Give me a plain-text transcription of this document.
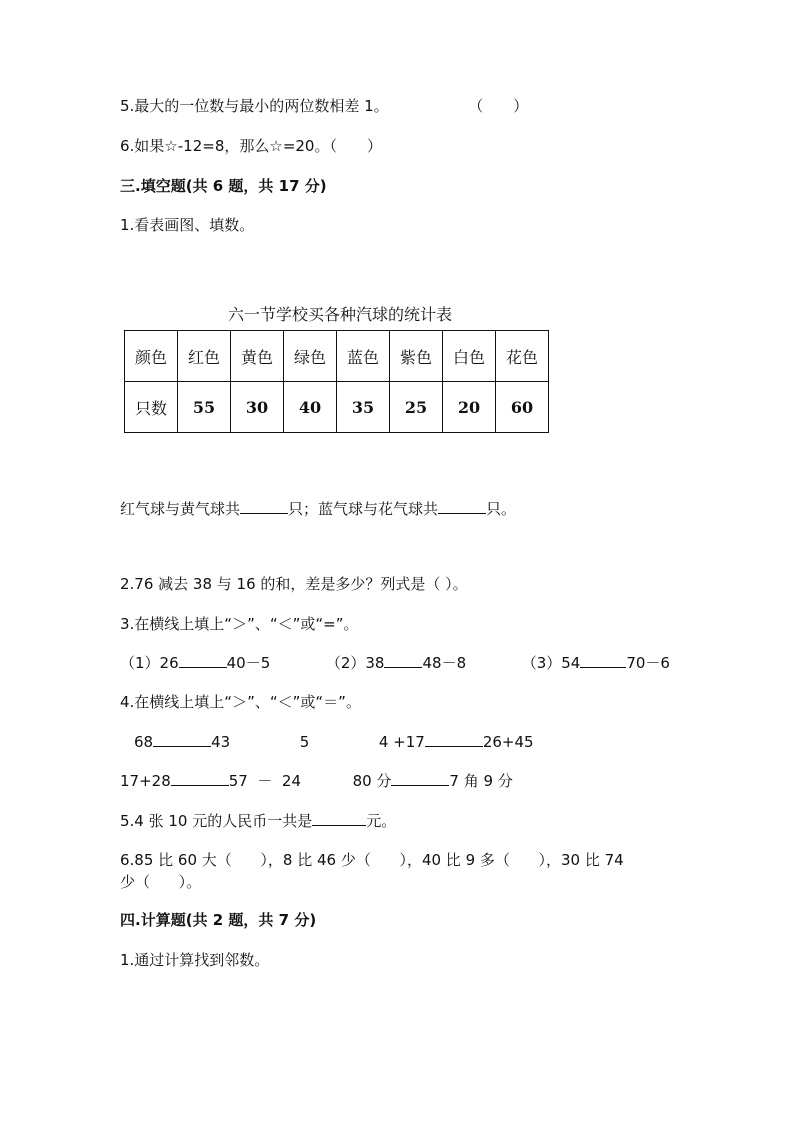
5.最大的一位数与最小的两位数相差 1。	（　　）
6.如果☆-12=8，那么☆=20。（　　）
三.填空题(共 6 题，共 17 分)
1.看表画图、填数。
六一节学校买各种汽球的统计表
颜色	红色	黄色	绿色	蓝色	紫色	白色	花色
只数	55	30	40	35	25	20	60
红气球与黄气球共	只；蓝气球与花气球共	只。
2.76 减去 38 与 16 的和，差是多少？列式是（ ）。
3.在横线上填上“＞”、“＜”或“=”。
（1）26	40－5	（2）38	48－8	（3）54	70－6
4.在横线上填上“＞”、“＜”或“＝”。
68	43	5	4 +17	26+45
17+28	57  －  24	80 分	7 角 9 分
5.4 张 10 元的人民币一共是	元。
6.85 比 60 大（      ），8 比 46 少（      ），40 比 9 多（      ），30 比 74
少（      ）。
四.计算题(共 2 题，共 7 分)
1.通过计算找到邻数。
